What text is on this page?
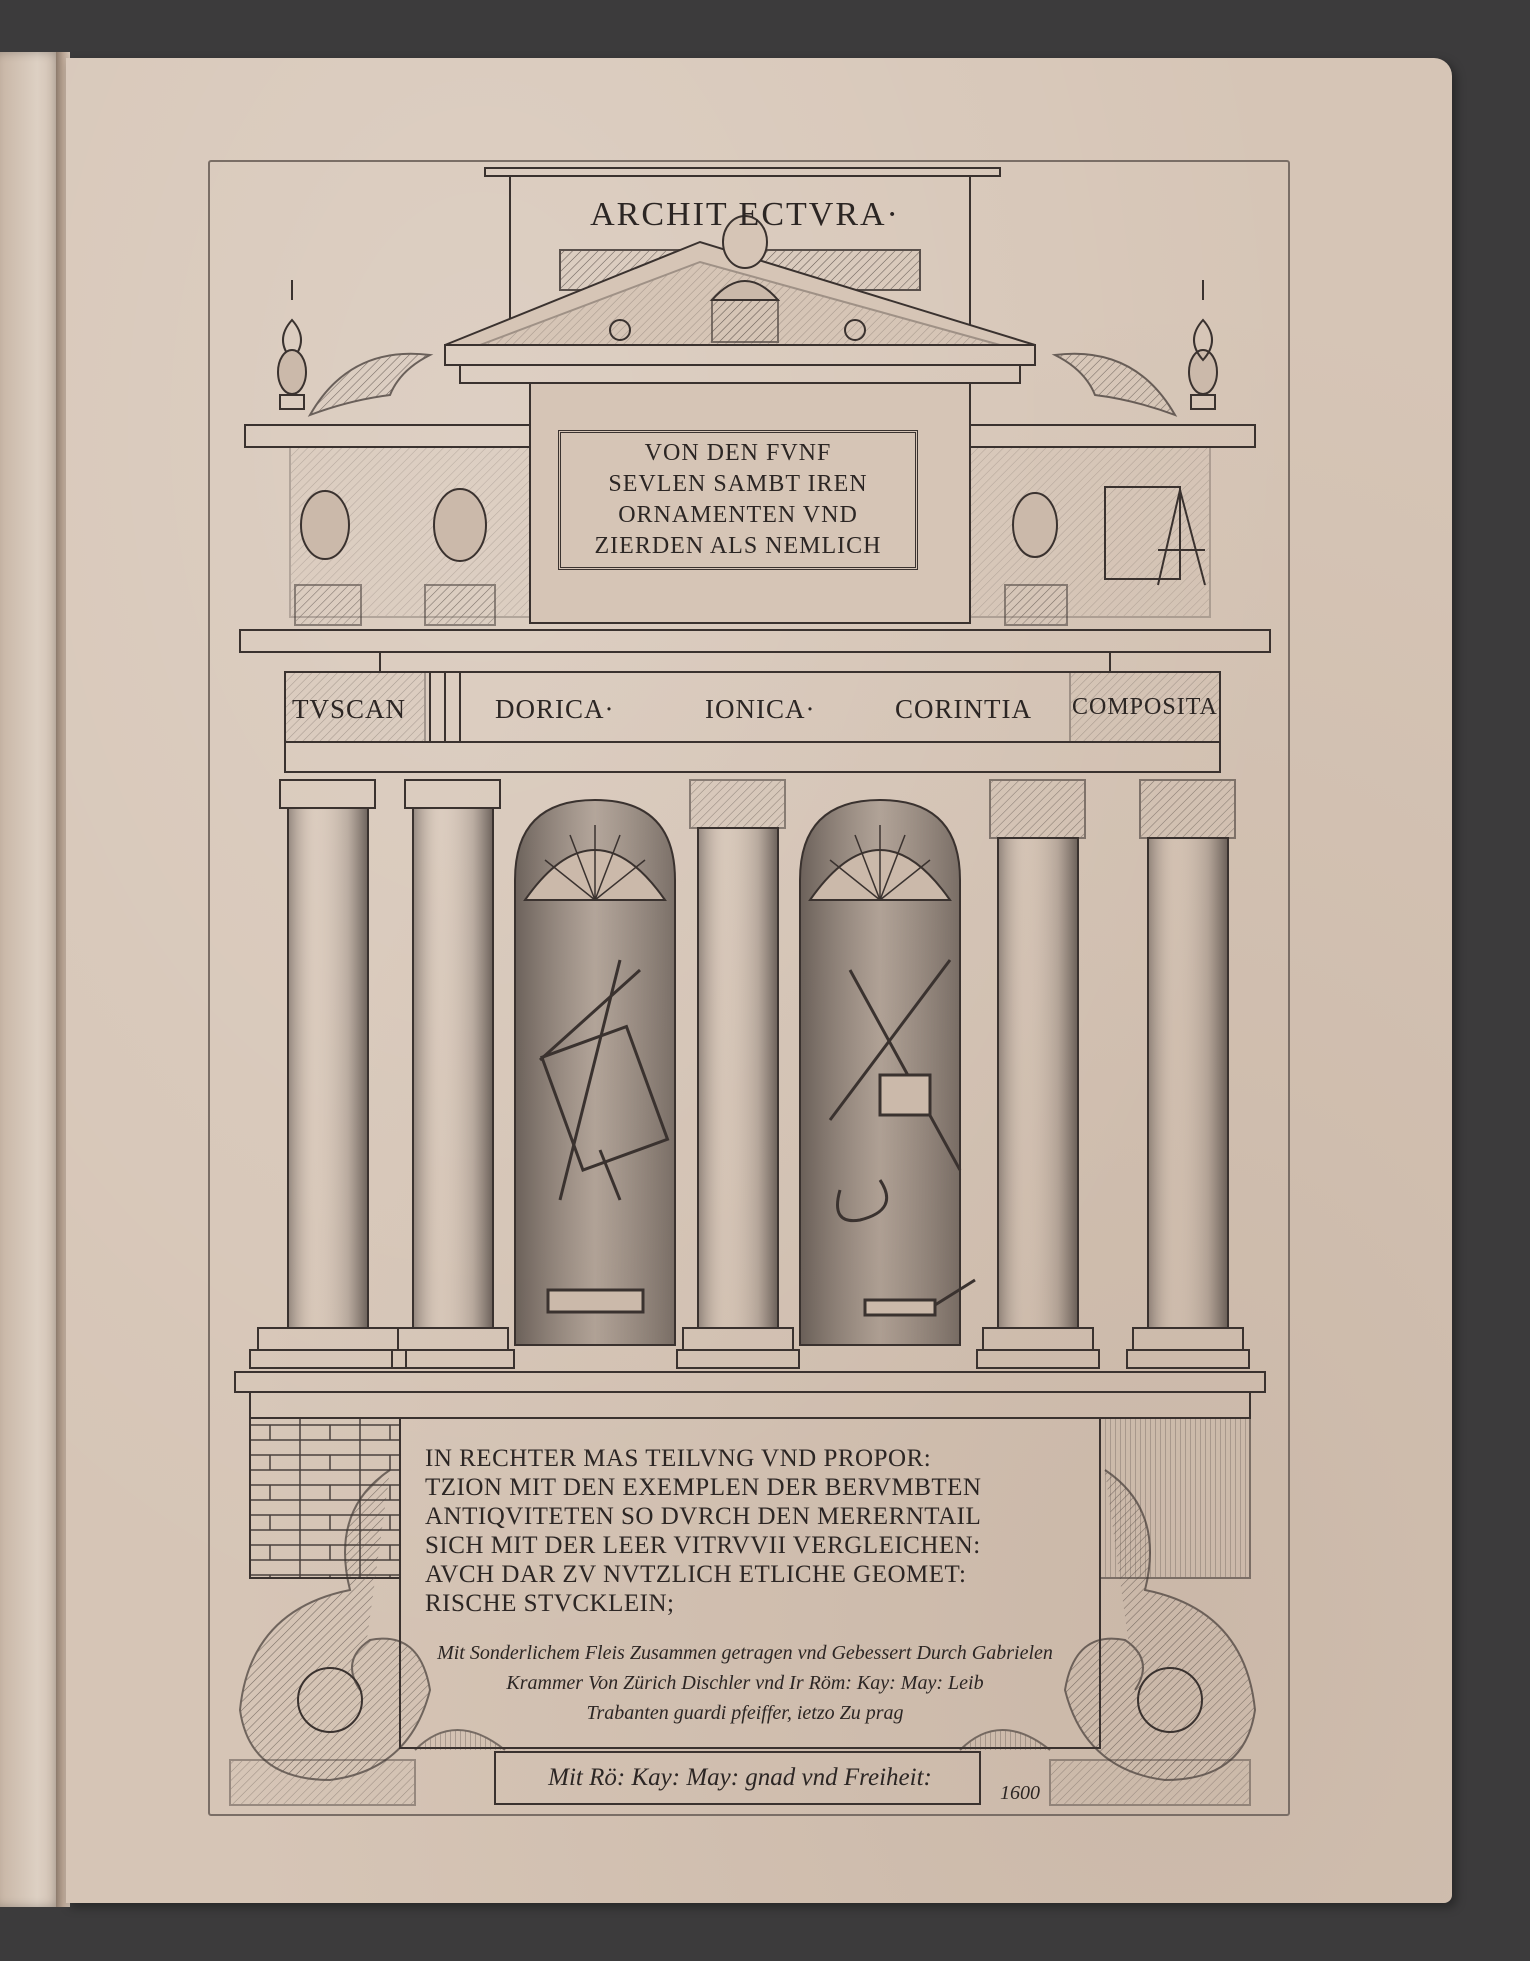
ARCHIT ECTVRA·
VON DEN FVNF
SEVLEN SAMBT IREN
ORNAMENTEN VND
ZIERDEN ALS NEMLICH
TVSCAN	DORICA·	IONICA·	CORINTIA COMPOSITA
IN RECHTER MAS TEILVNG VND PROPOR:
TZION MIT DEN EXEMPLEN DER BERVMBTEN
ANTIQVITETEN SO DVRCH DEN MERERNTAIL
SICH MIT DER LEER VITRVVII VERGLEICHEN:
AVCH DAR ZV NVTZLICH ETLICHE GEOMET:
RISCHE STVCKLEIN;
Mit Sonderlichem Fleis Zusammen getragen vnd Gebessert Durch Gabrielen
Krammer Von Zürich Dischler vnd Ir Röm: Kay: May: Leib
Trabanten guardi pfeiffer, ietzo Zu prag
Mit Rö: Kay: May: gnad vnd Freiheit:
1600
